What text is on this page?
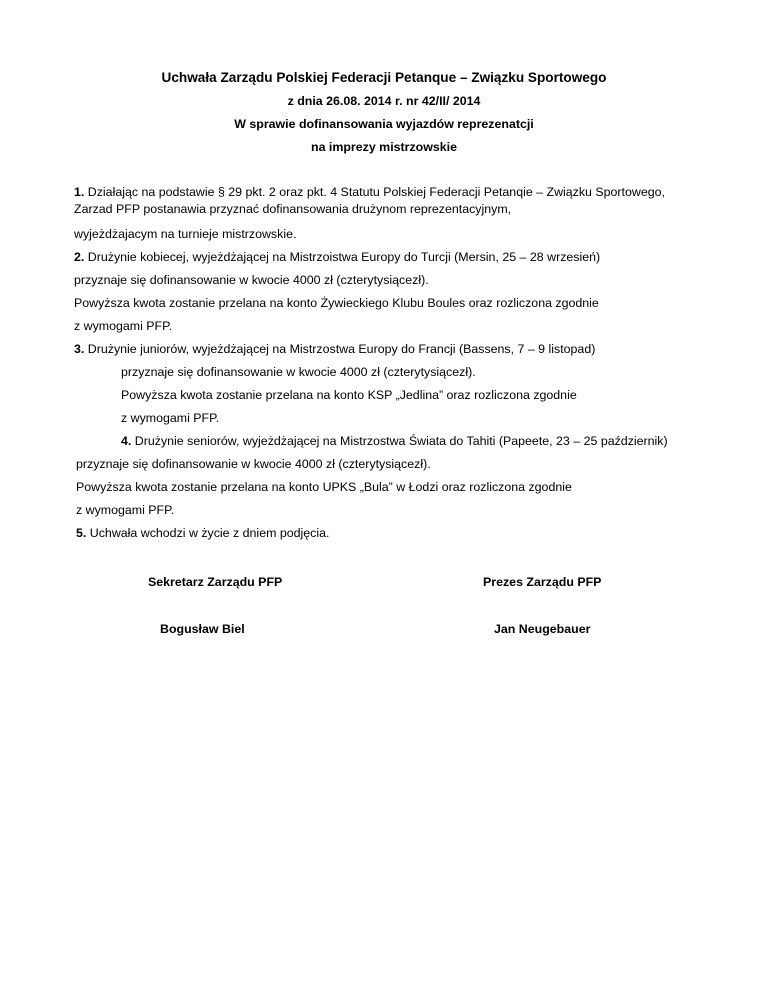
Uchwała Zarządu Polskiej Federacji Petanque – Związku Sportowego
z dnia 26.08. 2014 r. nr 42/II/ 2014
W sprawie dofinansowania wyjazdów reprezenatcji
na imprezy mistrzowskie
1. Działając na podstawie § 29 pkt. 2 oraz pkt. 4 Statutu Polskiej Federacji Petanqie – Związku Sportowego,
Zarzad PFP postanawia przyznać dofinansowania drużynom reprezentacyjnym,
wyjeżdżajacym na turnieje mistrzowskie.
2. Drużynie kobiecej, wyjeżdżającej na Mistrzoistwa Europy do Turcji (Mersin, 25 – 28 wrzesień)
przyznaje się dofinansowanie w kwocie 4000 zł (czterytysiącezł).
Powyższa kwota zostanie przelana na konto Żywieckiego Klubu Boules oraz rozliczona zgodnie
z wymogami PFP.
3. Drużynie juniorów, wyjeżdżającej na Mistrzostwa Europy do Francji (Bassens, 7 – 9 listopad)
przyznaje się dofinansowanie w kwocie 4000 zł (czterytysiącezł).
Powyższa kwota zostanie przelana na konto KSP „Jedlina” oraz rozliczona zgodnie
z wymogami PFP.
4. Drużynie seniorów, wyjeżdżającej na Mistrzostwa Świata do Tahiti (Papeete, 23 – 25 październik)
przyznaje się dofinansowanie w kwocie 4000 zł (czterytysiącezł).
Powyższa kwota zostanie przelana na konto UPKS „Bula” w Łodzi oraz rozliczona zgodnie
z wymogami PFP.
5. Uchwała wchodzi w życie z dniem podjęcia.
Sekretarz Zarządu PFP	Prezes Zarządu PFP
Bogusław Biel	Jan Neugebauer
